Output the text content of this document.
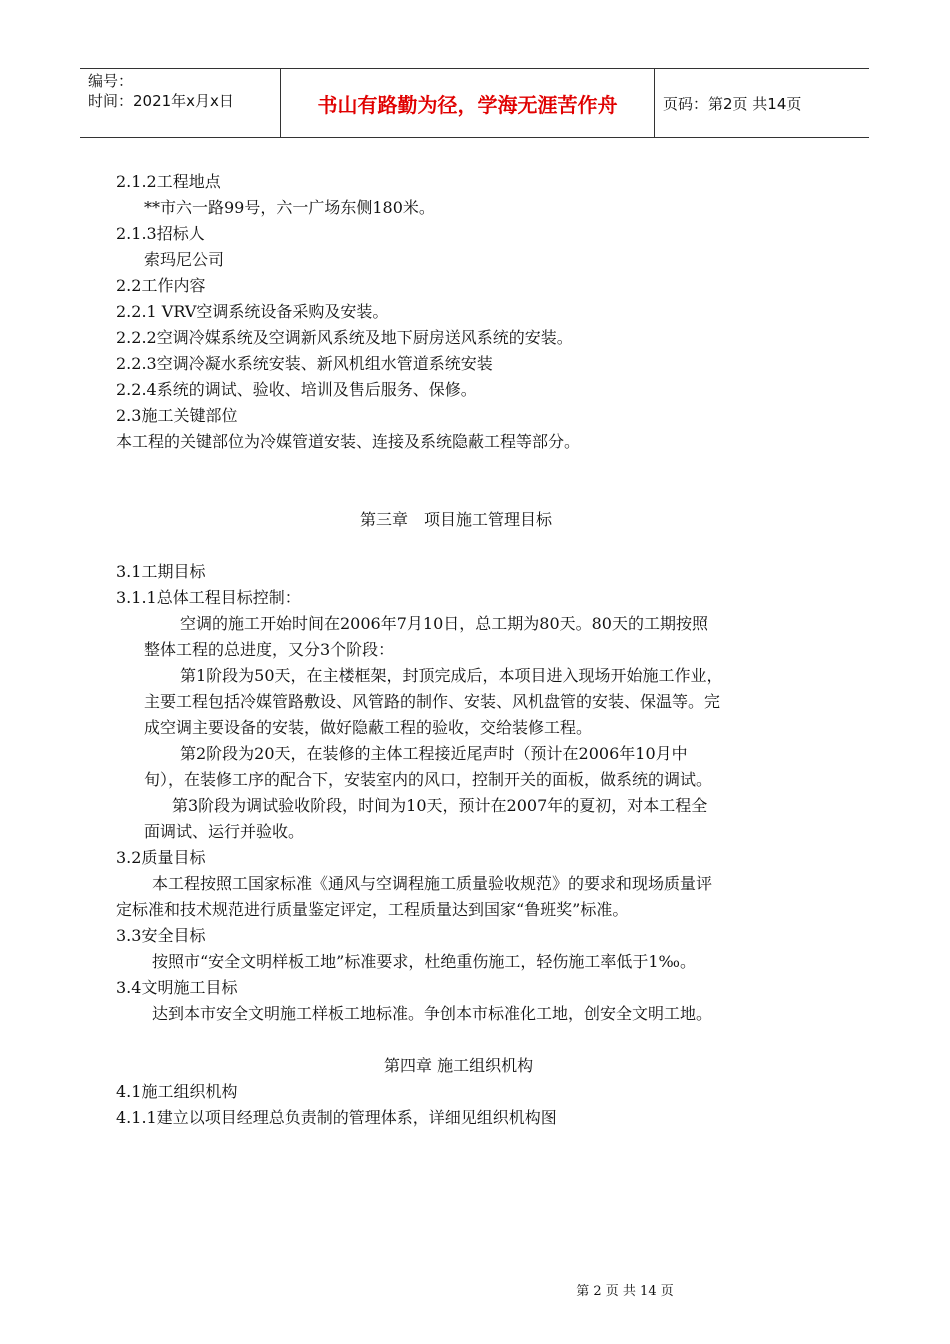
编号：
时间：2021年x月x日	书山有路勤为径，学海无涯苦作舟	页码：第2页 共14页
2.1.2工程地点
**市六一路99号，六一广场东侧180米。
2.1.3招标人
索玛尼公司
2.2工作内容
2.2.1 VRV空调系统设备采购及安装。
2.2.2空调冷媒系统及空调新风系统及地下厨房送风系统的安装。
2.2.3空调冷凝水系统安装、新风机组水管道系统安装
2.2.4系统的调试、验收、培训及售后服务、保修。
2.3施工关键部位
本工程的关键部位为冷媒管道安装、连接及系统隐蔽工程等部分。
第三章　项目施工管理目标
3.1工期目标
3.1.1总体工程目标控制：
空调的施工开始时间在2006年7月10日，总工期为80天。80天的工期按照
整体工程的总进度，又分3个阶段：
第1阶段为50天，在主楼框架，封顶完成后，本项目进入现场开始施工作业，
主要工程包括冷媒管路敷设、风管路的制作、安装、风机盘管的安装、保温等。完
成空调主要设备的安装，做好隐蔽工程的验收，交给装修工程。
第2阶段为20天，在装修的主体工程接近尾声时（预计在2006年10月中
旬），在装修工序的配合下，安装室内的风口，控制开关的面板，做系统的调试。
第3阶段为调试验收阶段，时间为10天，预计在2007年的夏初，对本工程全
面调试、运行并验收。
3.2质量目标
本工程按照工国家标准《通风与空调程施工质量验收规范》的要求和现场质量评
定标准和技术规范进行质量鉴定评定，工程质量达到国家“鲁班奖”标准。
3.3安全目标
按照市“安全文明样板工地”标准要求，杜绝重伤施工，轻伤施工率低于1‰。
3.4文明施工目标
达到本市安全文明施工样板工地标准。争创本市标准化工地，创安全文明工地。
第四章 施工组织机构
4.1施工组织机构
4.1.1建立以项目经理总负责制的管理体系，详细见组织机构图
第 2 页 共 14 页
